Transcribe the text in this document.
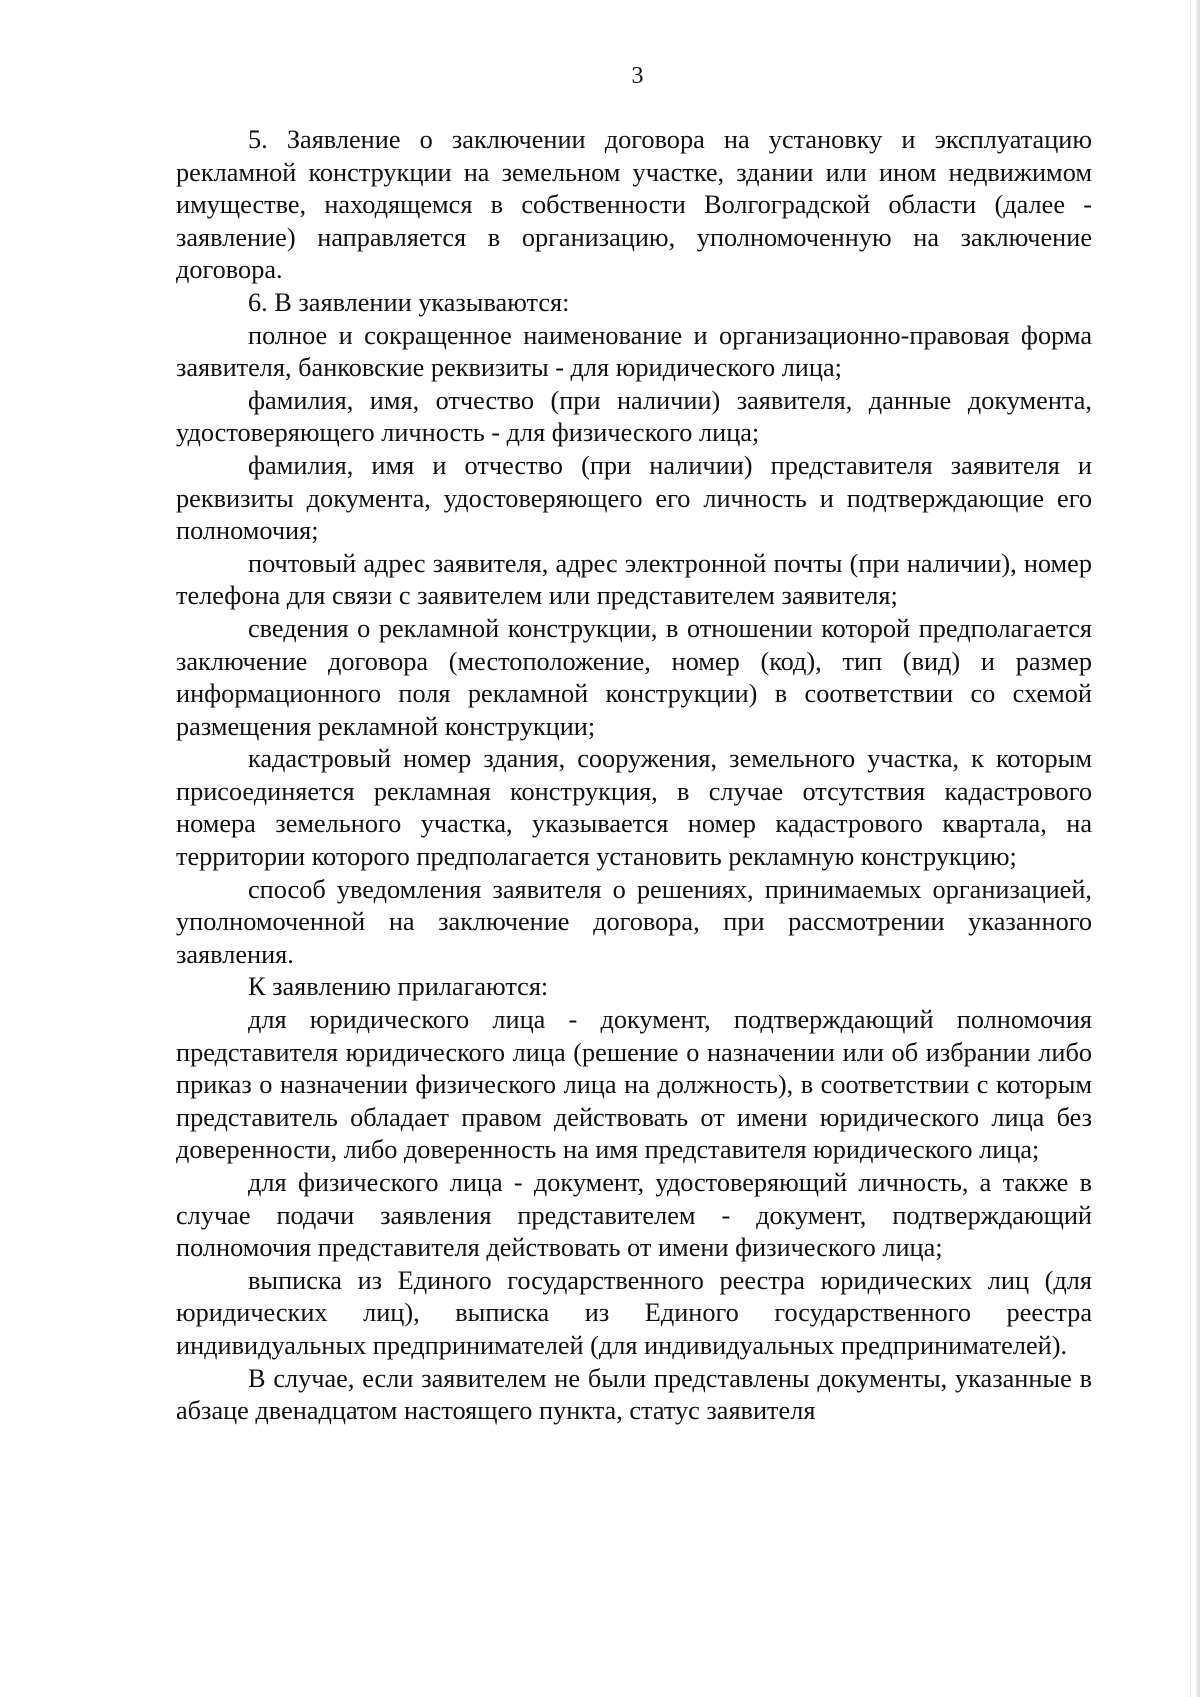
3

5. Заявление о заключении договора на установку и эксплуатацию рекламной конструкции на земельном участке, здании или ином недвижимом имуществе, находящемся в собственности Волгоградской области (далее - заявление) направляется в организацию, уполномоченную на заключение договора.

6. В заявлении указываются:

полное и сокращенное наименование и организационно-правовая форма заявителя, банковские реквизиты - для юридического лица;

фамилия, имя, отчество (при наличии) заявителя, данные документа, удостоверяющего личность - для физического лица;

фамилия, имя и отчество (при наличии) представителя заявителя и реквизиты документа, удостоверяющего его личность и подтверждающие его полномочия;

почтовый адрес заявителя, адрес электронной почты (при наличии), номер телефона для связи с заявителем или представителем заявителя;

сведения о рекламной конструкции, в отношении которой предполагается заключение договора (местоположение, номер (код), тип (вид) и размер информационного поля рекламной конструкции) в соответствии со схемой размещения рекламной конструкции;

кадастровый номер здания, сооружения, земельного участка, к которым присоединяется рекламная конструкция, в случае отсутствия кадастрового номера земельного участка, указывается номер кадастрового квартала, на территории которого предполагается установить рекламную конструкцию;

способ уведомления заявителя о решениях, принимаемых организацией, уполномоченной на заключение договора, при рассмотрении указанного заявления.

К заявлению прилагаются:

для юридического лица - документ, подтверждающий полномочия представителя юридического лица (решение о назначении или об избрании либо приказ о назначении физического лица на должность), в соответствии с которым представитель обладает правом действовать от имени юридического лица без доверенности, либо доверенность на имя представителя юридического лица;

для физического лица - документ, удостоверяющий личность, а также в случае подачи заявления представителем - документ, подтверждающий полномочия представителя действовать от имени физического лица;

выписка из Единого государственного реестра юридических лиц (для юридических лиц), выписка из Единого государственного реестра индивидуальных предпринимателей (для индивидуальных предпринимателей).

В случае, если заявителем не были представлены документы, указанные в абзаце двенадцатом настоящего пункта, статус заявителя
